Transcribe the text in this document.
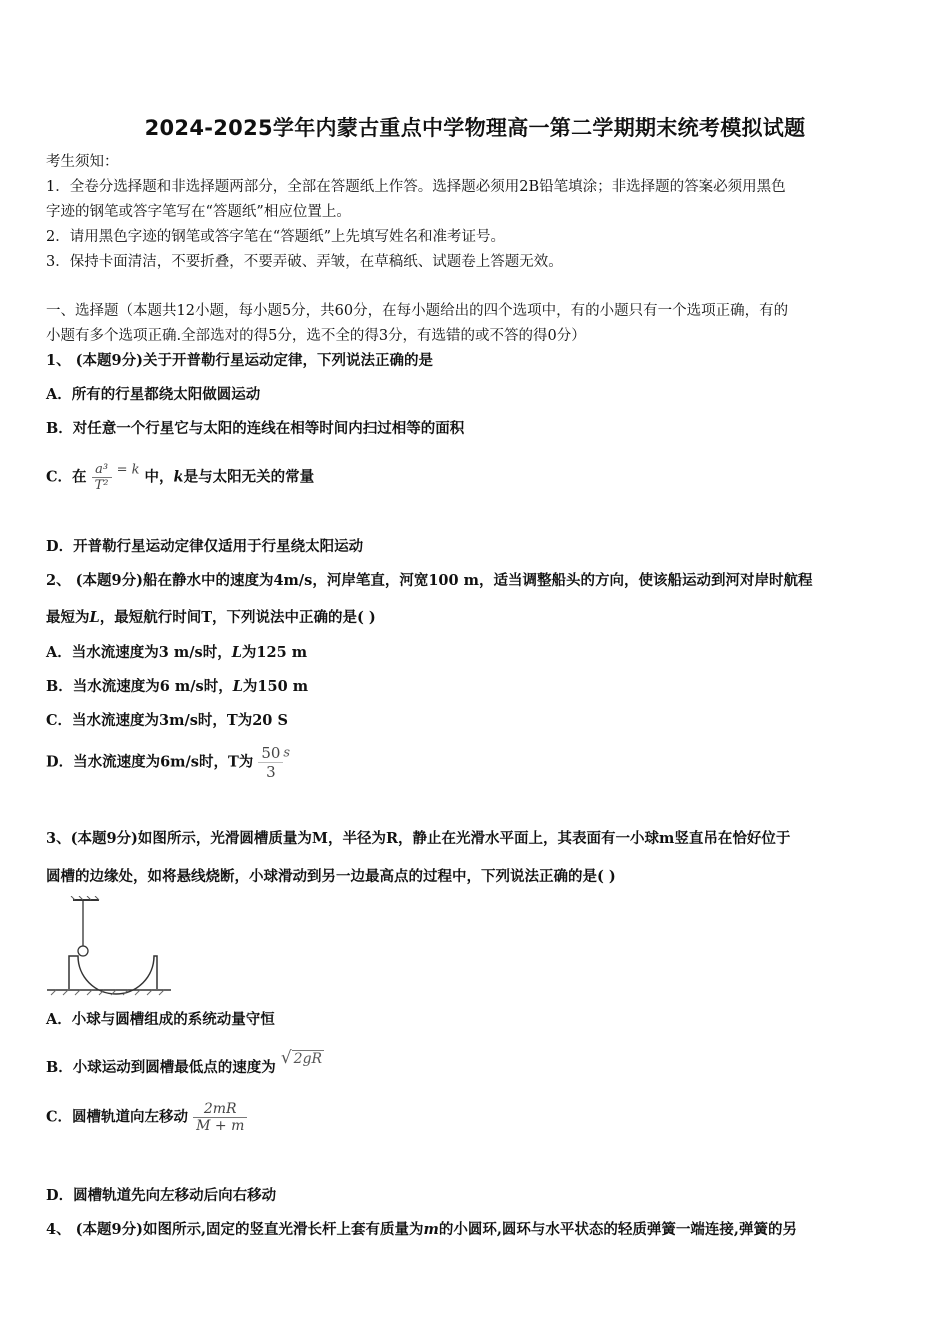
2024-2025学年内蒙古重点中学物理高一第二学期期末统考模拟试题
考生须知：
1．全卷分选择题和非选择题两部分，全部在答题纸上作答。选择题必须用2B铅笔填涂；非选择题的答案必须用黑色
字迹的钢笔或答字笔写在“答题纸”相应位置上。
2．请用黑色字迹的钢笔或答字笔在“答题纸”上先填写姓名和准考证号。
3．保持卡面清洁，不要折叠，不要弄破、弄皱，在草稿纸、试题卷上答题无效。
一、选择题（本题共12小题，每小题5分，共60分，在每小题给出的四个选项中，有的小题只有一个选项正确，有的
小题有多个选项正确.全部选对的得5分，选不全的得3分，有选错的或不答的得0分）
1、 (本题9分)关于开普勒行星运动定律，下列说法正确的是
A．所有的行星都绕太阳做圆运动
B．对任意一个行星它与太阳的连线在相等时间内扫过相等的面积
C．在 $\frac{\text{a³}}{\text{T²}} = k$ 中，k是与太阳无关的常量
D．开普勒行星运动定律仅适用于行星绕太阳运动
2、 (本题9分)船在静水中的速度为4m/s，河岸笔直，河宽100 m，适当调整船头的方向，使该船运动到河对岸时航程
最短为L，最短航行时间T，下列说法中正确的是( )
A．当水流速度为3 m/s时，L为125 m
B．当水流速度为6 m/s时，L为150 m
C．当水流速度为3m/s时，T为20 S
D．当水流速度为6m/s时，T为 $\frac{50}{3}$ s
3、(本题9分)如图所示，光滑圆槽质量为M，半径为R，静止在光滑水平面上，其表面有一小球m竖直吊在恰好位于
圆槽的边缘处，如将悬线烧断，小球滑动到另一边最高点的过程中，下列说法正确的是( )
A．小球与圆槽组成的系统动量守恒
B．小球运动到圆槽最低点的速度为 √ 2gR
C．圆槽轨道向左移动 $\frac{2mR}{M + m}$
D．圆槽轨道先向左移动后向右移动
4、 (本题9分)如图所示,固定的竖直光滑长杆上套有质量为m的小圆环,圆环与水平状态的轻质弹簧一端连接,弹簧的另
